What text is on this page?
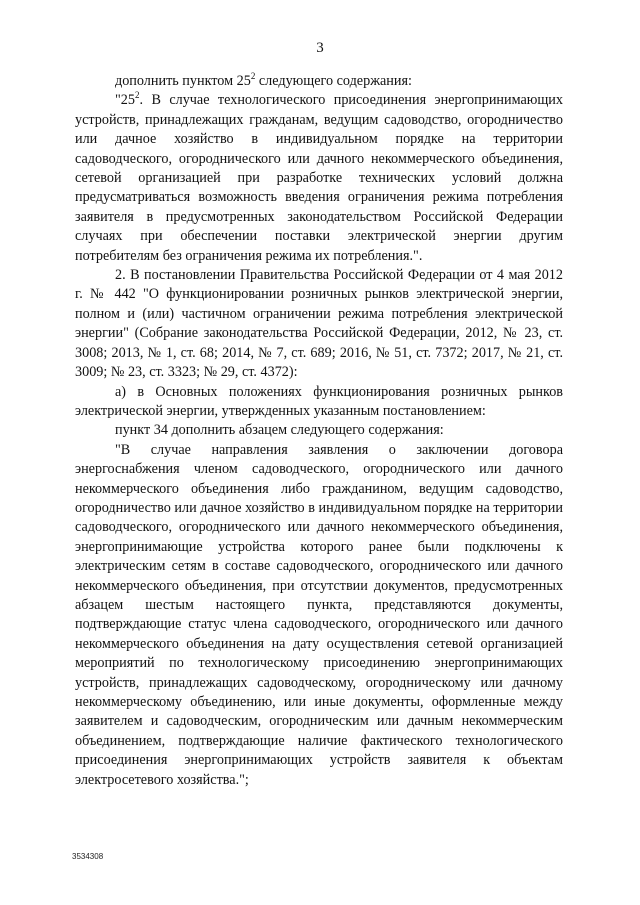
3

дополнить пунктом $25^2$ следующего содержания:

"$25^2$. В случае технологического присоединения энергопринимающих устройств, принадлежащих гражданам, ведущим садоводство, огородничество или дачное хозяйство в индивидуальном порядке на территории садоводческого, огороднического или дачного некоммерческого объединения, сетевой организацией при разработке технических условий должна предусматриваться возможность введения ограничения режима потребления заявителя в предусмотренных законодательством Российской Федерации случаях при обеспечении поставки электрической энергии другим потребителям без ограничения режима их потребления.".

2. В постановлении Правительства Российской Федерации от 4 мая 2012 г. № 442 "О функционировании розничных рынков электрической энергии, полном и (или) частичном ограничении режима потребления электрической энергии" (Собрание законодательства Российской Федерации, 2012, № 23, ст. 3008; 2013, № 1, ст. 68; 2014, № 7, ст. 689; 2016, № 51, ст. 7372; 2017, № 21, ст. 3009; № 23, ст. 3323; № 29, ст. 4372):

а) в Основных положениях функционирования розничных рынков электрической энергии, утвержденных указанным постановлением:

пункт 34 дополнить абзацем следующего содержания:

"В случае направления заявления о заключении договора энергоснабжения членом садоводческого, огороднического или дачного некоммерческого объединения либо гражданином, ведущим садоводство, огородничество или дачное хозяйство в индивидуальном порядке на территории садоводческого, огороднического или дачного некоммерческого объединения, энергопринимающие устройства которого ранее были подключены к электрическим сетям в составе садоводческого, огороднического или дачного некоммерческого объединения, при отсутствии документов, предусмотренных абзацем шестым настоящего пункта, представляются документы, подтверждающие статус члена садоводческого, огороднического или дачного некоммерческого объединения на дату осуществления сетевой организацией мероприятий по технологическому присоединению энергопринимающих устройств, принадлежащих садоводческому, огородническому или дачному некоммерческому объединению, или иные документы, оформленные между заявителем и садоводческим, огородническим или дачным некоммерческим объединением, подтверждающие наличие фактического технологического присоединения энергопринимающих устройств заявителя к объектам электросетевого хозяйства.";

3534308
